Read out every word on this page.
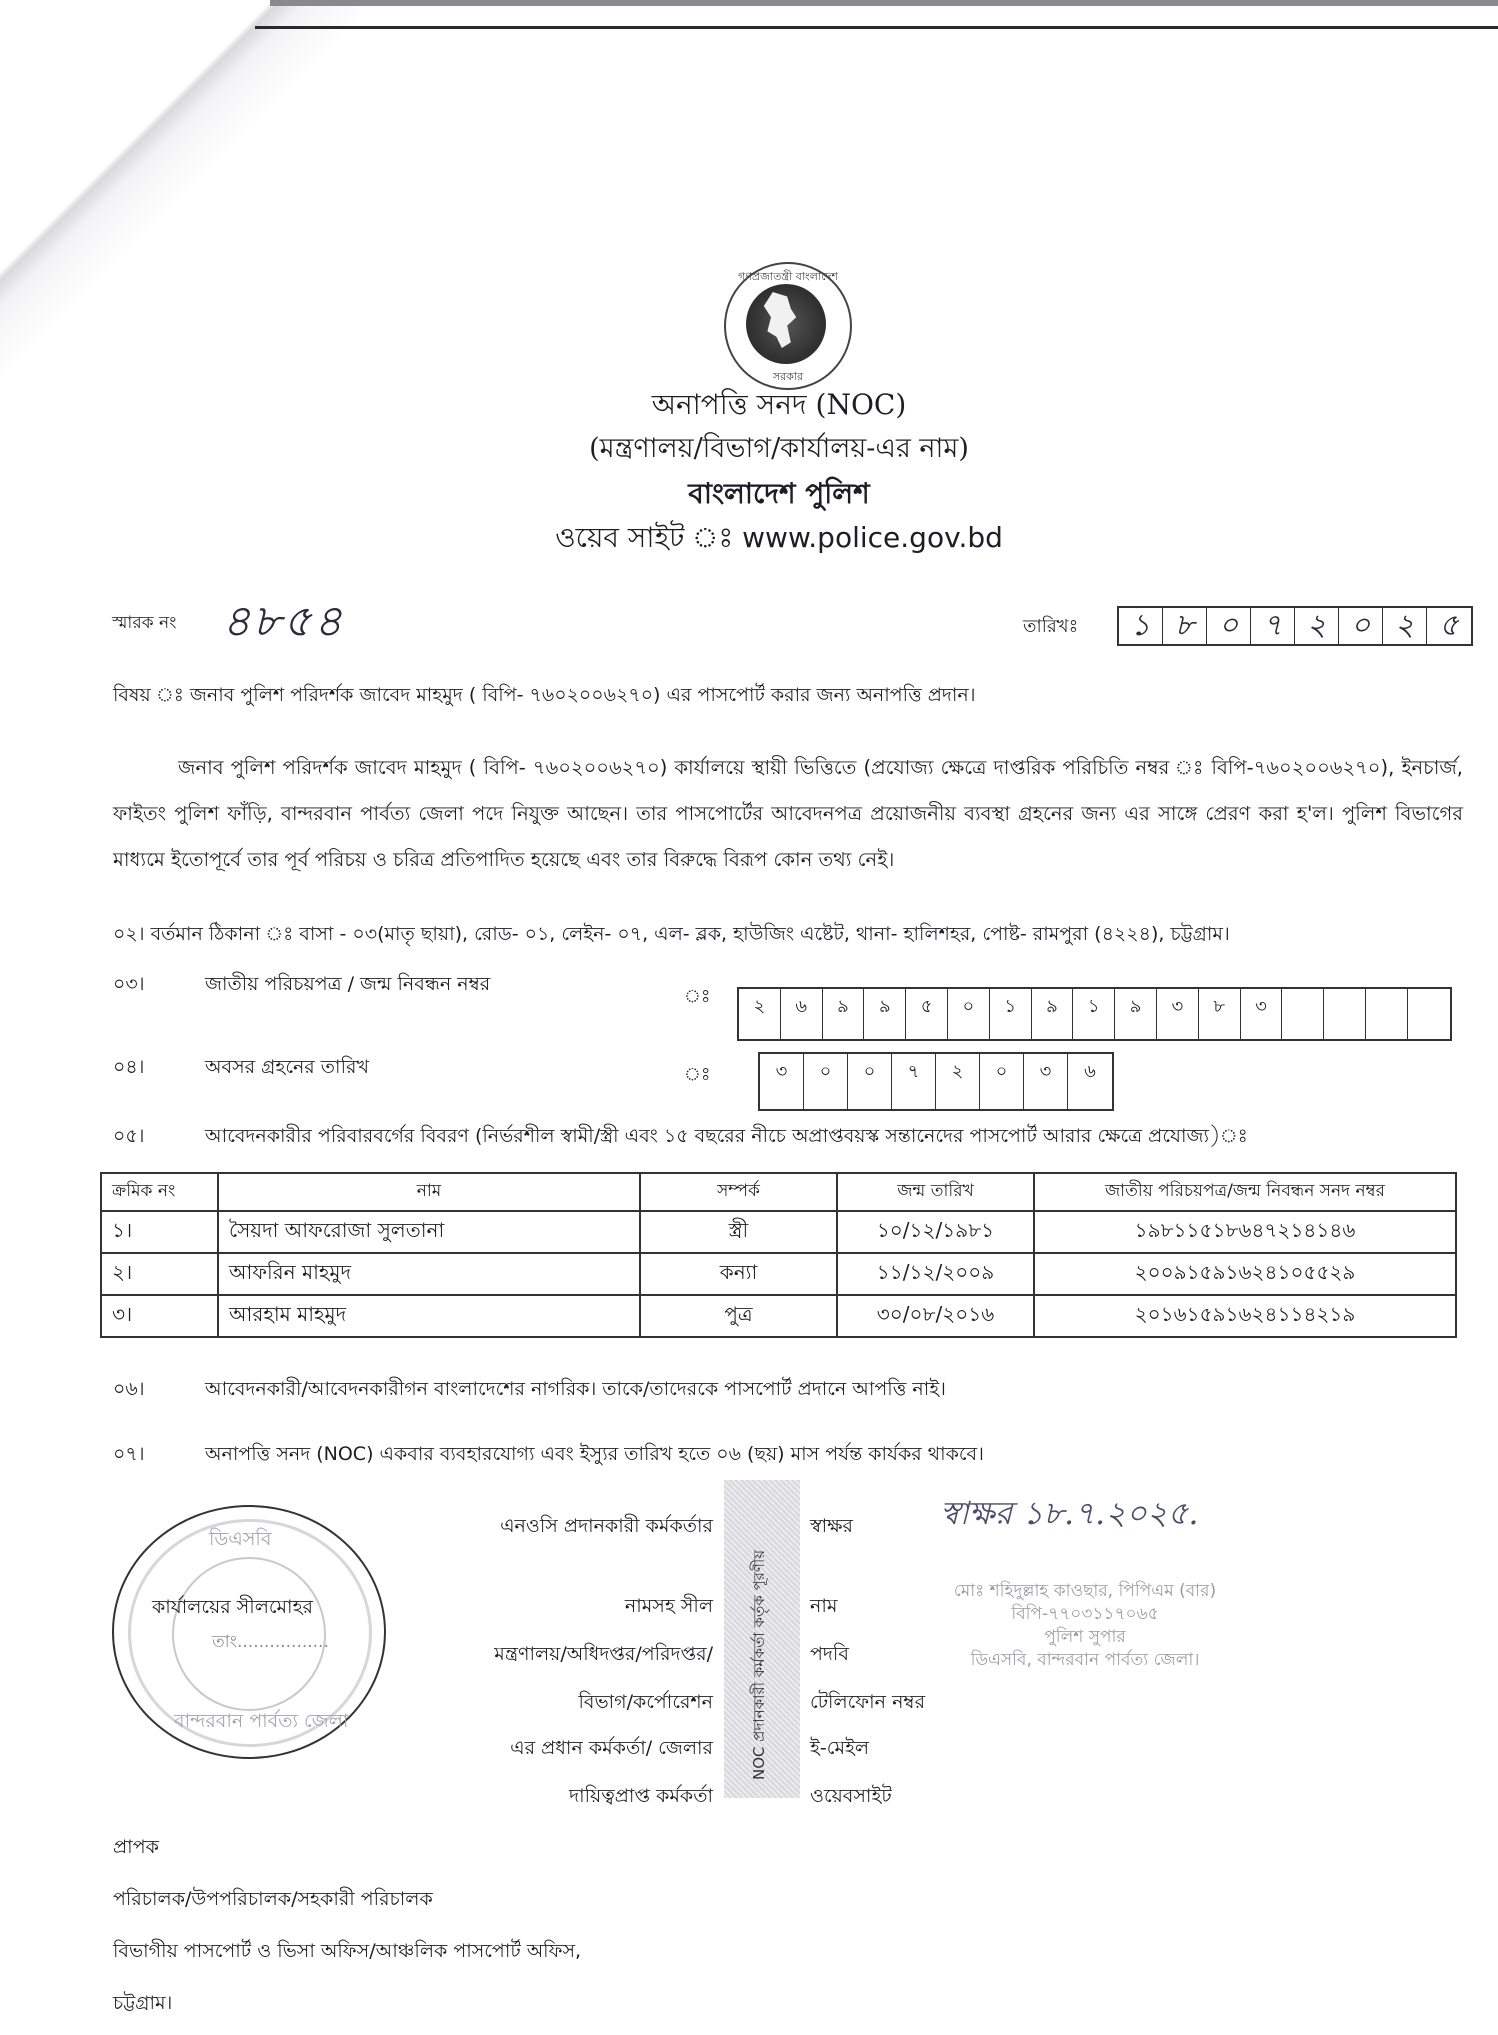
গণপ্রজাতন্ত্রী বাংলাদেশ
সরকার
অনাপত্তি সনদ (NOC)
(মন্ত্রণালয়/বিভাগ/কার্যালয়-এর নাম)
বাংলাদেশ পুলিশ
ওয়েব সাইট ঃ www.police.gov.bd
স্মারক নং ৪৮৫৪	তারিখঃ	১ ৮ ০ ৭ ২ ০ ২ ৫
বিষয় ঃ জনাব পুলিশ পরিদর্শক জাবেদ মাহমুদ ( বিপি- ৭৬০২০০৬২৭০) এর পাসপোর্ট করার জন্য অনাপত্তি প্রদান।
জনাব পুলিশ পরিদর্শক জাবেদ মাহমুদ ( বিপি- ৭৬০২০০৬২৭০) কার্যালয়ে স্থায়ী ভিত্তিতে (প্রযোজ্য ক্ষেত্রে দাপ্তরিক পরিচিতি নম্বর ঃ বিপি-৭৬০২০০৬২৭০), ইনচার্জ, ফাইতং পুলিশ ফাঁড়ি, বান্দরবান পার্বত্য জেলা পদে নিযুক্ত আছেন। তার পাসপোর্টের আবেদনপত্র প্রয়োজনীয় ব্যবস্থা গ্রহনের জন্য এর সাঙ্গে প্রেরণ করা হ'ল। পুলিশ বিভাগের মাধ্যমে ইতোপূর্বে তার পূর্ব পরিচয় ও চরিত্র প্রতিপাদিত হয়েছে এবং তার বিরুদ্ধে বিরূপ কোন তথ্য নেই।
০২। বর্তমান ঠিকানা ঃ বাসা - ০৩(মাতৃ ছায়া), রোড- ০১, লেইন- ০৭, এল- ব্লক, হাউজিং এষ্টেট, থানা- হালিশহর, পোষ্ট- রামপুরা (৪২২৪), চট্টগ্রাম।
০৩।	জাতীয় পরিচয়পত্র / জন্ম নিবন্ধন নম্বর
ঃ	২	৬	৯	৯	৫	০	১	৯	১	৯	৩	৮	৩
০৪।	অবসর গ্রহনের তারিখ	ঃ	৩	০	০	৭	২	০	৩	৬
০৫।	আবেদনকারীর পরিবারবর্গের বিবরণ (নির্ভরশীল স্বামী/স্ত্রী এবং ১৫ বছরের নীচে অপ্রাপ্তবয়স্ক সন্তানেদের পাসপোর্ট আরার ক্ষেত্রে প্রযোজ্য)ঃ
ক্রমিক নং	নাম	সম্পর্ক	জন্ম তারিখ	জাতীয় পরিচয়পত্র/জন্ম নিবন্ধন সনদ নম্বর
১।	সৈয়দা আফরোজা সুলতানা	স্ত্রী	১০/১২/১৯৮১	১৯৮১১৫১৮৬৪৭২১৪১৪৬
২।	আফরিন মাহমুদ	কন্যা	১১/১২/২০০৯	২০০৯১৫৯১৬২৪১০৫৫২৯
৩।	আরহাম মাহমুদ	পুত্র	৩০/০৮/২০১৬	২০১৬১৫৯১৬২৪১১৪২১৯
০৬।	আবেদনকারী/আবেদনকারীগন বাংলাদেশের নাগরিক। তাকে/তাদেরকে পাসপোর্ট প্রদানে আপত্তি নাই।
০৭।	অনাপত্তি সনদ (NOC) একবার ব্যবহারযোগ্য এবং ইস্যুর তারিখ হতে ০৬ (ছয়) মাস পর্যন্ত কার্যকর থাকবে।
ডিএসবি
কার্যালয়ের সীলমোহর
তাং.................
বান্দরবান পার্বত্য জেলা
এনওসি প্রদানকারী কর্মকর্তার
নামসহ সীল
মন্ত্রণালয়/অধিদপ্তর/পরিদপ্তর/
বিভাগ/কর্পোরেশন
এর প্রধান কর্মকর্তা/ জেলার
দায়িত্বপ্রাপ্ত কর্মকর্তা
NOC প্রদানকারী কর্মকর্তা কর্তৃক পূরণীয়
স্বাক্ষর
নাম
পদবি
টেলিফোন নম্বর
ই-মেইল
ওয়েবসাইট
স্বাক্ষর ১৮.৭.২০২৫.
মোঃ শহিদুল্লাহ কাওছার, পিপিএম (বার)
বিপি-৭৭০৩১১৭০৬৫
পুলিশ সুপার
ডিএসবি, বান্দরবান পার্বত্য জেলা।
প্রাপক
পরিচালক/উপপরিচালক/সহকারী পরিচালক
বিভাগীয় পাসপোর্ট ও ভিসা অফিস/আঞ্চলিক পাসপোর্ট অফিস,
চট্টগ্রাম।
